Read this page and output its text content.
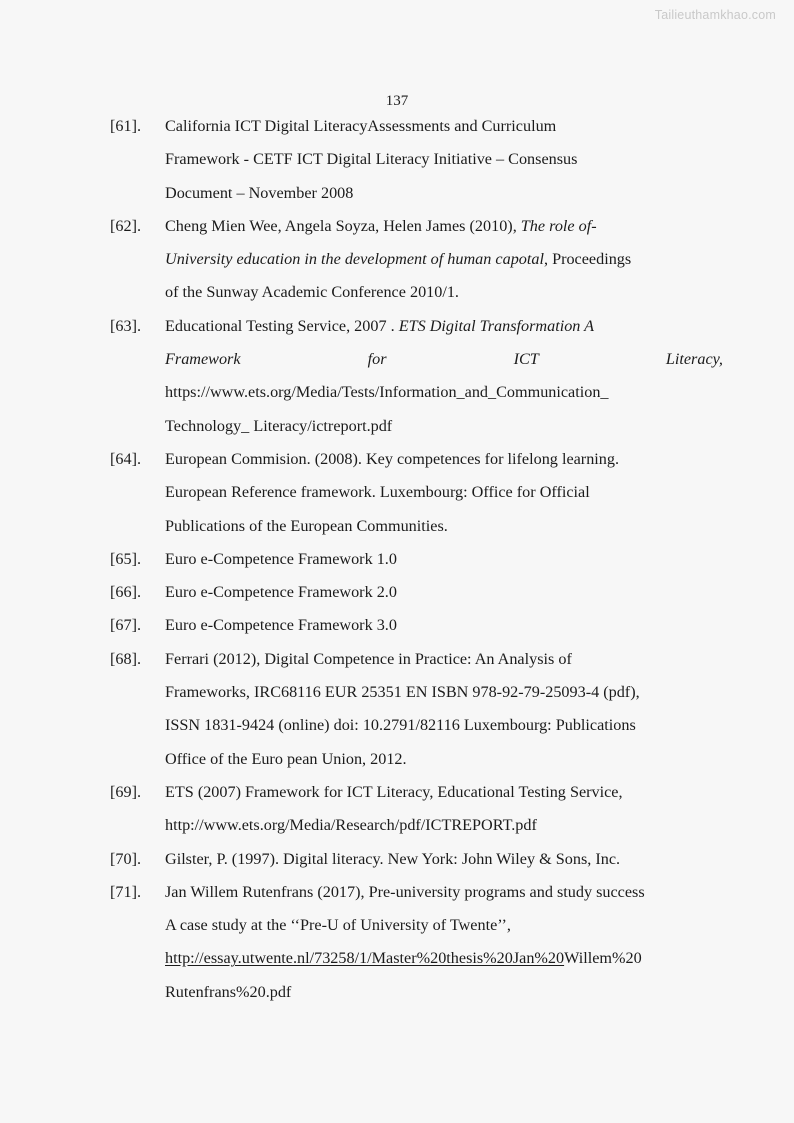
Tailieuthamkhao.com
137
[61].	California ICT Digital LiteracyAssessments and Curriculum
Framework - CETF ICT Digital Literacy Initiative – Consensus
Document – November 2008
[62].	Cheng Mien Wee, Angela Soyza, Helen James (2010), The role of-
University education in the development of human capotal, Proceedings
of the Sunway Academic Conference 2010/1.
[63].	Educational Testing Service, 2007 . ETS Digital Transformation A
Framework	for	ICT	Literacy,
https://www.ets.org/Media/Tests/Information_and_Communication_
Technology_ Literacy/ictreport.pdf
[64].	European Commision. (2008). Key competences for lifelong learning.
European Reference framework. Luxembourg: Office for Official
Publications of the European Communities.
[65].	Euro e-Competence Framework 1.0
[66].	Euro e-Competence Framework 2.0
[67].	Euro e-Competence Framework 3.0
[68].	Ferrari (2012), Digital Competence in Practice: An Analysis of
Frameworks, IRC68116 EUR 25351 EN ISBN 978-92-79-25093-4 (pdf),
ISSN 1831-9424 (online) doi: 10.2791/82116 Luxembourg: Publications
Office of the Euro pean Union, 2012.
[69].	ETS (2007) Framework for ICT Literacy, Educational Testing Service,
http://www.ets.org/Media/Research/pdf/ICTREPORT.pdf
[70].	Gilster, P. (1997). Digital literacy. New York: John Wiley & Sons, Inc.
[71].	Jan Willem Rutenfrans (2017), Pre-university programs and study success
A case study at the ‘‘Pre-U of University of Twente’’,
http://essay.utwente.nl/73258/1/Master%20thesis%20Jan%20Willem%20
Rutenfrans%20.pdf
